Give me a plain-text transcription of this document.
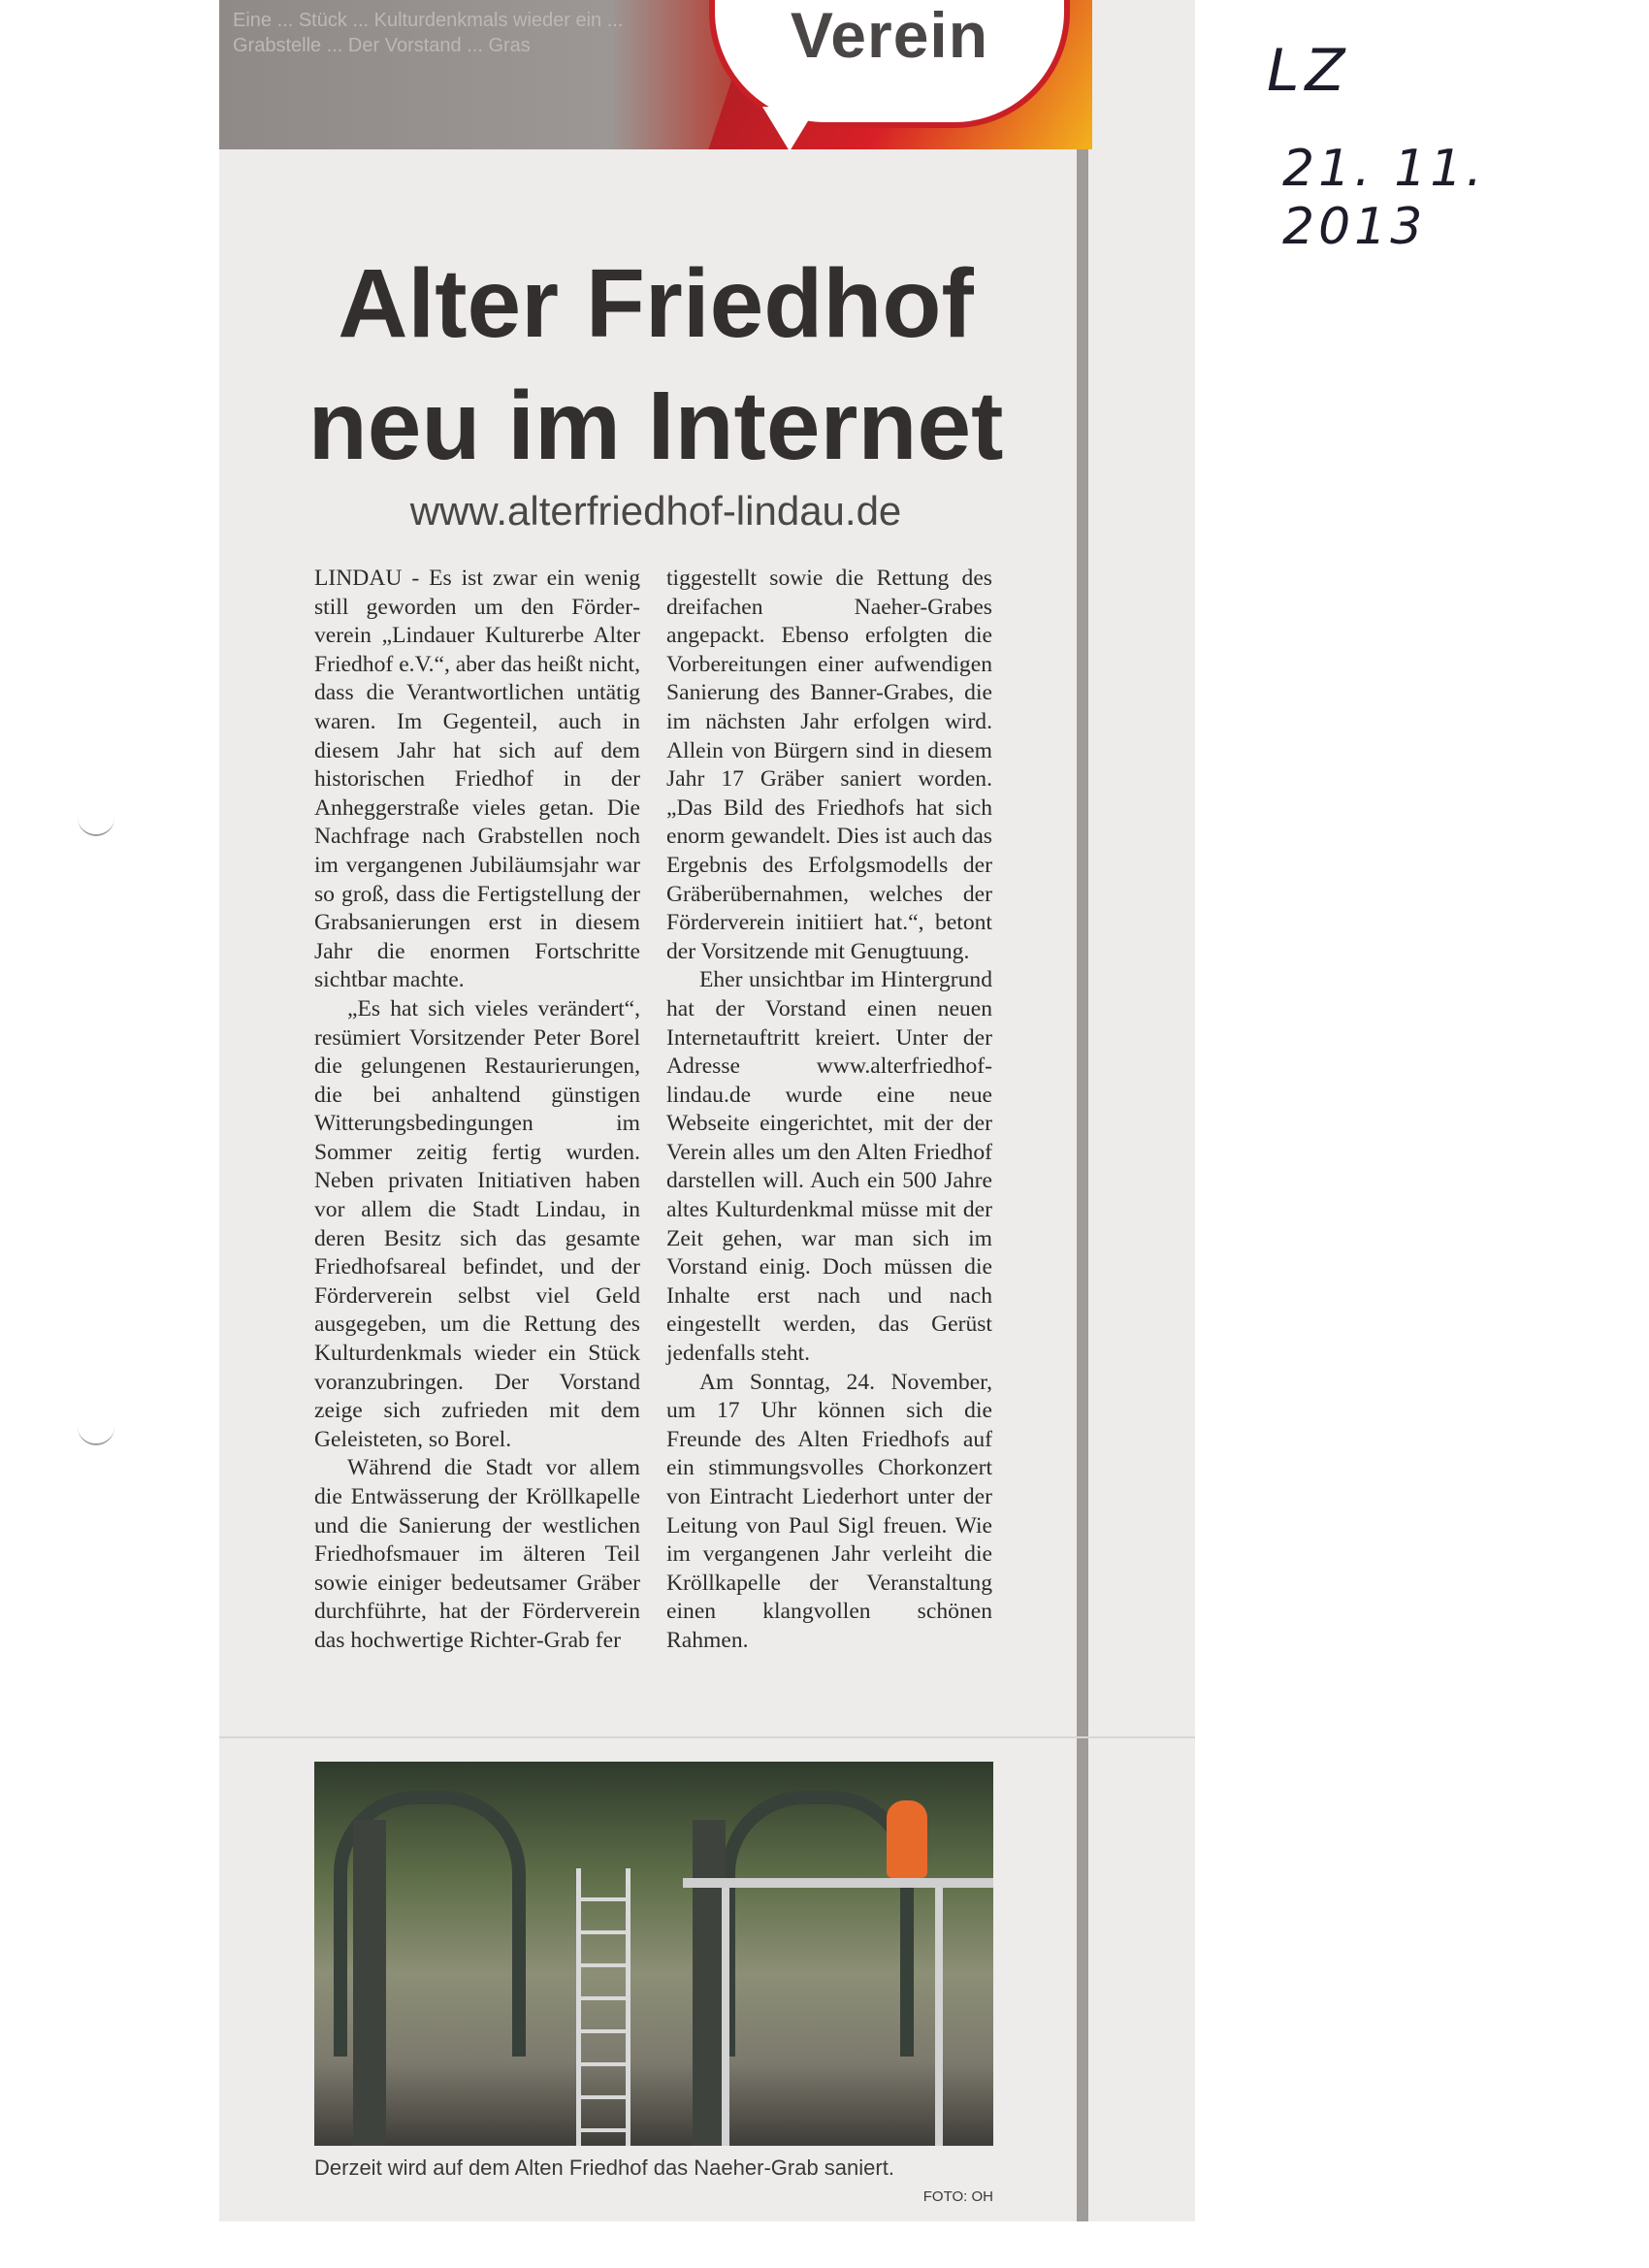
Eine ... Stück ... Kulturdenkmals wieder ein ... Grabstelle ... Der Vorstand ... Gras	Verein
Alter Friedhof
neu im Internet
www.alterfriedhof-lindau.de

LINDAU - Es ist zwar ein wenig still geworden um den Förderverein „Lindauer Kulturerbe Alter Friedhof e.V.“, aber das heißt nicht, dass die Verantwortlichen untätig waren. Im Gegenteil, auch in diesem Jahr hat sich auf dem historischen Friedhof in der Anheggerstraße vieles getan. Die Nachfrage nach Grabstellen noch im vergangenen Jubiläumsjahr war so groß, dass die Fertigstellung der Grabsanierungen erst in diesem Jahr die enormen Fortschritte sichtbar machte.

„Es hat sich vieles verändert“, resümiert Vorsitzender Peter Borel die gelungenen Restaurierungen, die bei anhaltend günstigen Witterungsbedingungen im Sommer zeitig fertig wurden. Neben privaten Initiativen haben vor allem die Stadt Lindau, in deren Besitz sich das gesamte Friedhofsareal befindet, und der Förderverein selbst viel Geld ausgegeben, um die Rettung des Kulturdenkmals wieder ein Stück voranzubringen. Der Vorstand zeige sich zufrieden mit dem Geleisteten, so Borel.

Während die Stadt vor allem die Entwässerung der Kröllkapelle und die Sanierung der westlichen Friedhofsmauer im älteren Teil sowie einiger bedeutsamer Gräber durchführte, hat der Förderverein das hochwertige Richter-Grab fer

tiggestellt sowie die Rettung des dreifachen Naeher-Grabes angepackt. Ebenso erfolgten die Vorbereitungen einer aufwendigen Sanierung des Banner-Grabes, die im nächsten Jahr erfolgen wird. Allein von Bürgern sind in diesem Jahr 17 Gräber saniert worden. „Das Bild des Friedhofs hat sich enorm gewandelt. Dies ist auch das Ergebnis des Erfolgsmodells der Gräberübernahmen, welches der Förderverein initiiert hat.“, betont der Vorsitzende mit Genugtuung.

Eher unsichtbar im Hintergrund hat der Vorstand einen neuen Internetauftritt kreiert. Unter der Adresse www.alterfriedhof-lindau.de wurde eine neue Webseite eingerichtet, mit der der Verein alles um den Alten Friedhof darstellen will. Auch ein 500 Jahre altes Kulturdenkmal müsse mit der Zeit gehen, war man sich im Vorstand einig. Doch müssen die Inhalte erst nach und nach eingestellt werden, das Gerüst jedenfalls steht.

Am Sonntag, 24. November, um 17 Uhr können sich die Freunde des Alten Friedhofs auf ein stimmungsvolles Chorkonzert von Eintracht Liederhort unter der Leitung von Paul Sigl freuen. Wie im vergangenen Jahr verleiht die Kröllkapelle der Veranstaltung einen klangvollen schönen Rahmen.

Derzeit wird auf dem Alten Friedhof das Naeher-Grab saniert.
FOTO: OH
LZ
21. 11. 2013
